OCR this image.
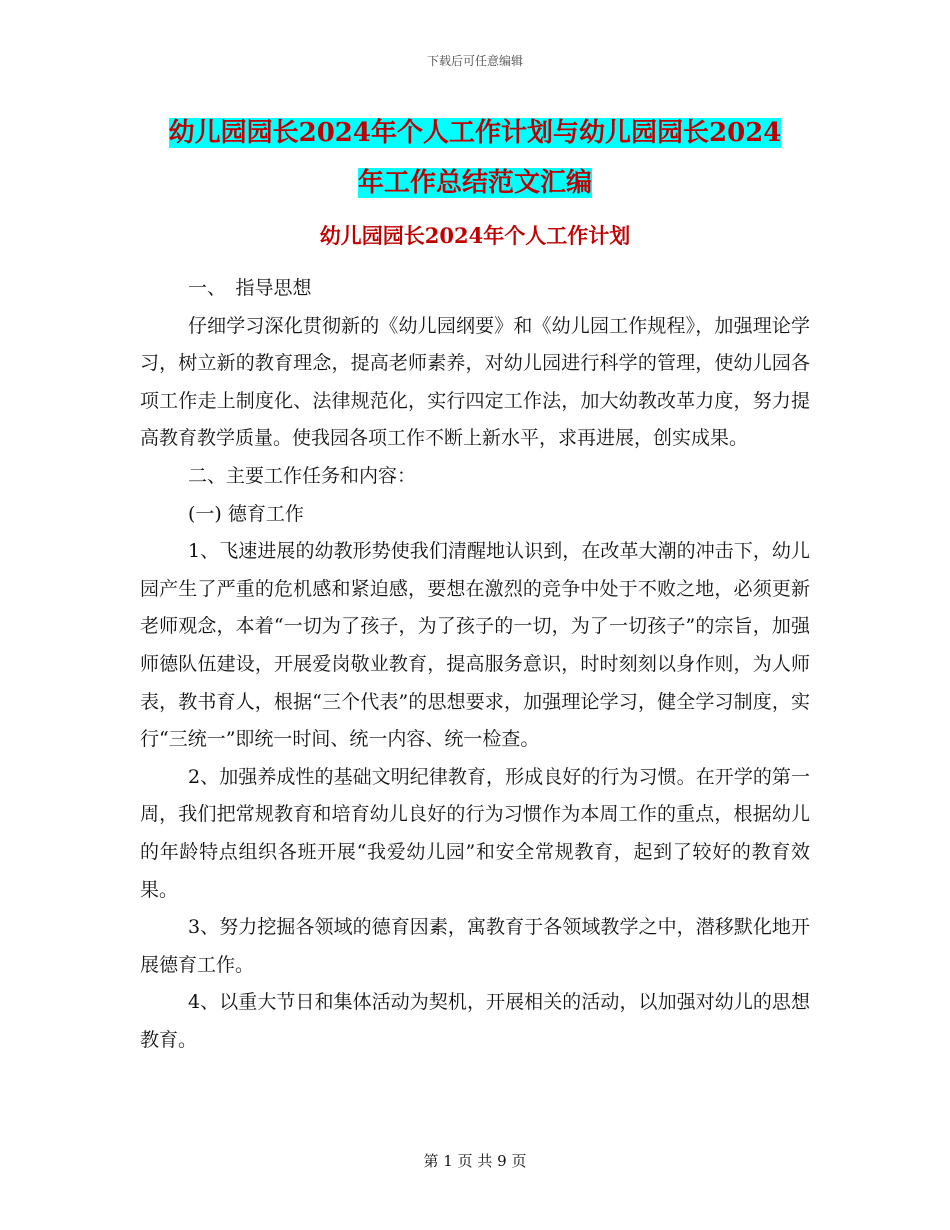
下载后可任意编辑
幼儿园园长2024年个人工作计划与幼儿园园长2024
年工作总结范文汇编
幼儿园园长2024年个人工作计划

一、　指导思想

仔细学习深化贯彻新的《幼儿园纲要》和《幼儿园工作规程》，加强理论学习，树立新的教育理念，提高老师素养，对幼儿园进行科学的管理，使幼儿园各项工作走上制度化、法律规范化，实行四定工作法，加大幼教改革力度，努力提高教育教学质量。使我园各项工作不断上新水平，求再进展，创实成果。

二、主要工作任务和内容：

(一) 德育工作

1、飞速进展的幼教形势使我们清醒地认识到，在改革大潮的冲击下，幼儿园产生了严重的危机感和紧迫感，要想在激烈的竞争中处于不败之地，必须更新老师观念，本着“一切为了孩子，为了孩子的一切，为了一切孩子”的宗旨，加强师德队伍建设，开展爱岗敬业教育，提高服务意识，时时刻刻以身作则，为人师表，教书育人，根据“三个代表”的思想要求，加强理论学习，健全学习制度，实行“三统一”即统一时间、统一内容、统一检查。

2、加强养成性的基础文明纪律教育，形成良好的行为习惯。在开学的第一周，我们把常规教育和培育幼儿良好的行为习惯作为本周工作的重点，根据幼儿的年龄特点组织各班开展“我爱幼儿园”和安全常规教育，起到了较好的教育效果。

3、努力挖掘各领域的德育因素，寓教育于各领域教学之中，潜移默化地开展德育工作。

4、以重大节日和集体活动为契机，开展相关的活动，以加强对幼儿的思想教育。

第 1 页 共 9 页
